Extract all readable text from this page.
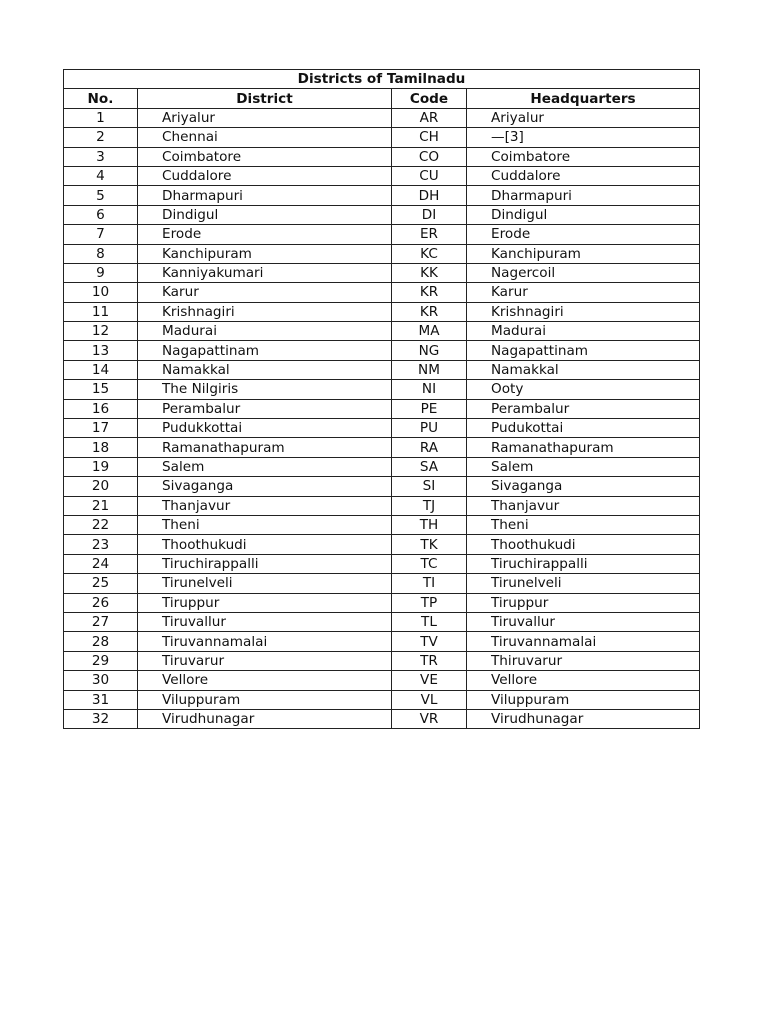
Districts of Tamilnadu			
No.	District	Code	Headquarters
1	Ariyalur	AR	Ariyalur
2	Chennai	CH	—[3]
3	Coimbatore	CO	Coimbatore
4	Cuddalore	CU	Cuddalore
5	Dharmapuri	DH	Dharmapuri
6	Dindigul	DI	Dindigul
7	Erode	ER	Erode
8	Kanchipuram	KC	Kanchipuram
9	Kanniyakumari	KK	Nagercoil
10	Karur	KR	Karur
11	Krishnagiri	KR	Krishnagiri
12	Madurai	MA	Madurai
13	Nagapattinam	NG	Nagapattinam
14	Namakkal	NM	Namakkal
15	The Nilgiris	NI	Ooty
16	Perambalur	PE	Perambalur
17	Pudukkottai	PU	Pudukottai
18	Ramanathapuram	RA	Ramanathapuram
19	Salem	SA	Salem
20	Sivaganga	SI	Sivaganga
21	Thanjavur	TJ	Thanjavur
22	Theni	TH	Theni
23	Thoothukudi	TK	Thoothukudi
24	Tiruchirappalli	TC	Tiruchirappalli
25	Tirunelveli	TI	Tirunelveli
26	Tiruppur	TP	Tiruppur
27	Tiruvallur	TL	Tiruvallur
28	Tiruvannamalai	TV	Tiruvannamalai
29	Tiruvarur	TR	Thiruvarur
30	Vellore	VE	Vellore
31	Viluppuram	VL	Viluppuram
32	Virudhunagar	VR	Virudhunagar
